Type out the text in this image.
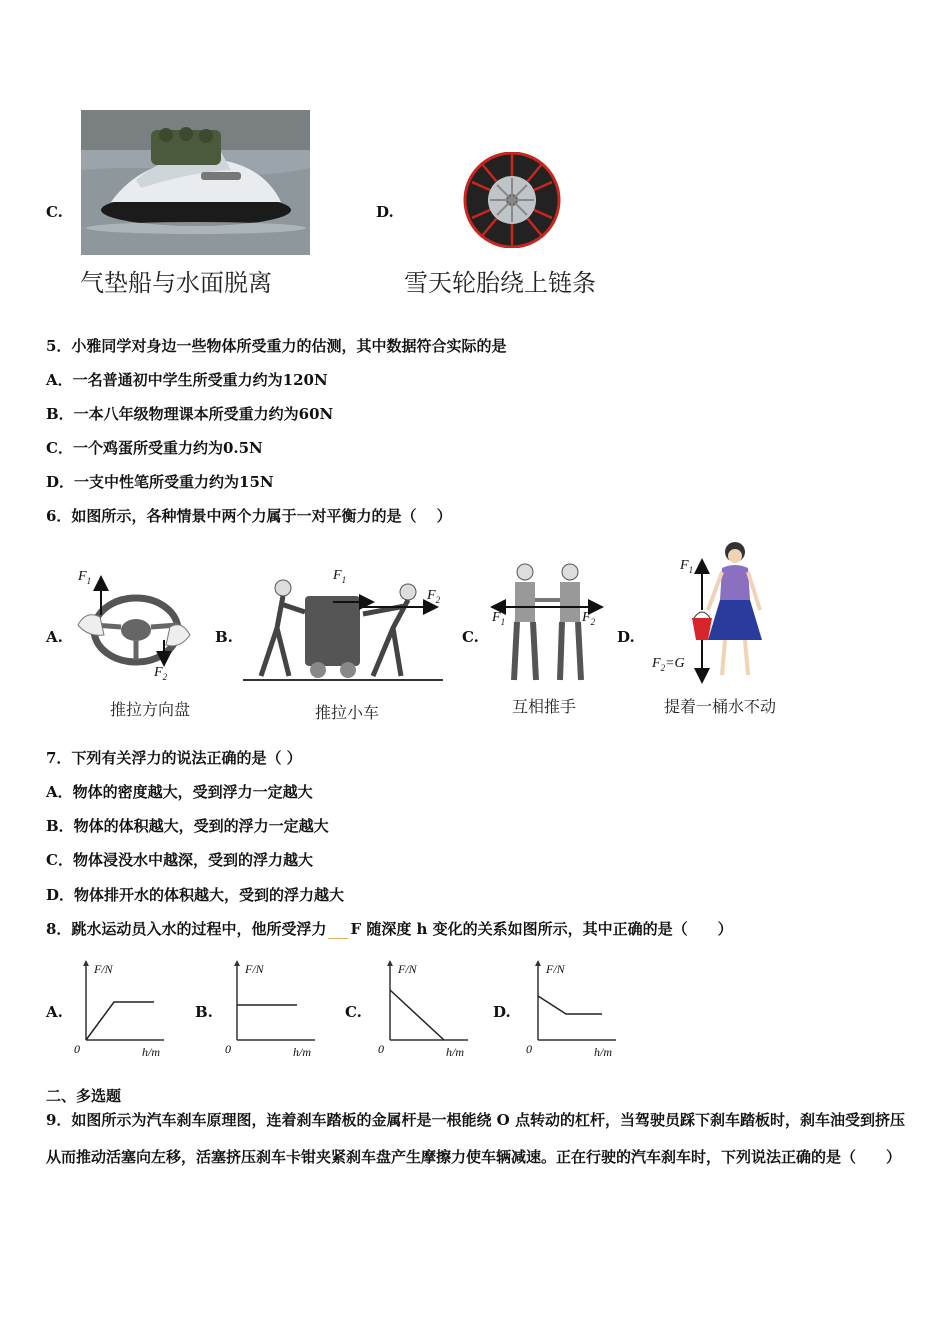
C.
气垫船与水面脱离
D.
雪天轮胎绕上链条
5．小雅同学对身边一些物体所受重力的估测，其中数据符合实际的是
A．一名普通初中学生所受重力约为120N
B．一本八年级物理课本所受重力约为60N
C．一个鸡蛋所受重力约为0.5N
D．一支中性笔所受重力约为15N
6．如图所示，各种情景中两个力属于一对平衡力的是（　 ）
A.
$F_1$
$F_2$
推拉方向盘
B.
$F_1$
$F_2$
推拉小车
C.
$F_1$	$F_2$
互相推手
D.
$F_1$
$F_2=G$
提着一桶水不动
7．下列有关浮力的说法正确的是（ ）
A．物体的密度越大，受到浮力一定越大
B．物体的体积越大，受到的浮力一定越大
C．物体浸没水中越深，受到的浮力越大
D．物体排开水的体积越大，受到的浮力越大
8．跳水运动员入水的过程中，他所受浮力 F 随深度 h 变化的关系如图所示，其中正确的是（　　）
A.
F/N
0	h/m
B.
F/N
0	h/m
C.
F/N
0	h/m
D.
F/N
0	h/m
二、多选题
9．如图所示为汽车刹车原理图，连着刹车踏板的金属杆是一根能绕 O 点转动的杠杆，当驾驶员踩下刹车踏板时，刹车油受到挤压从而推动活塞向左移，活塞挤压刹车卡钳夹紧刹车盘产生摩擦力使车辆减速。正在行驶的汽车刹车时，下列说法正确的是（　　）
